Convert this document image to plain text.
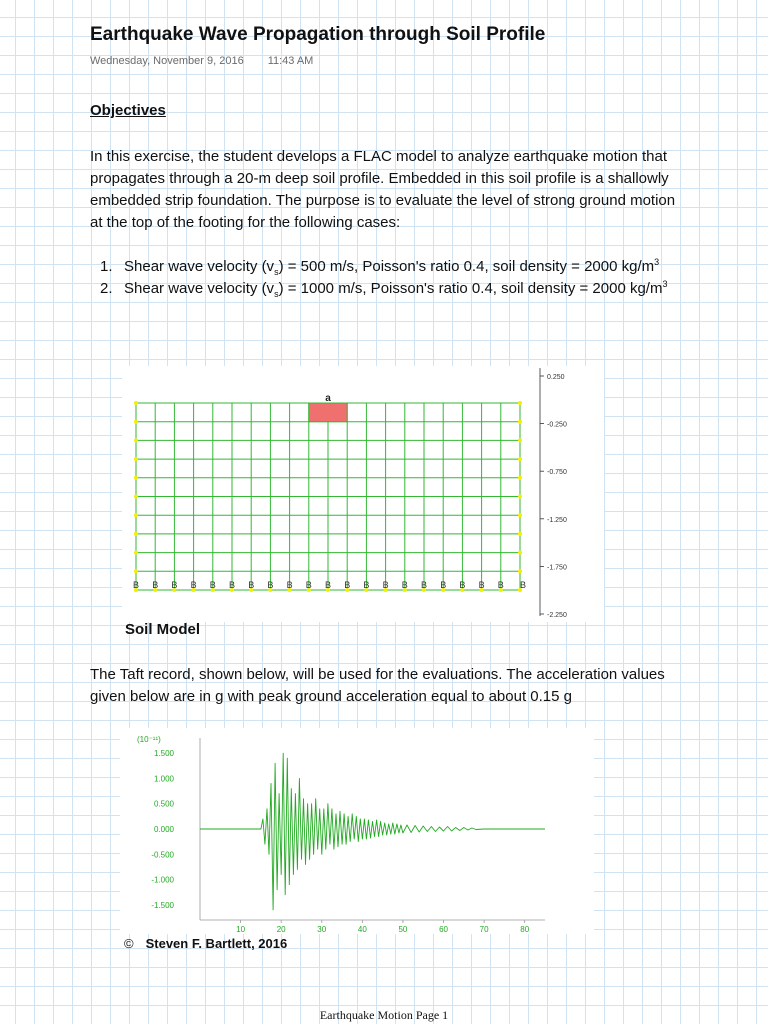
Earthquake Wave Propagation through Soil Profile
Wednesday, November 9, 2016 11:43 AM
Objectives

In this exercise, the student develops a FLAC model to analyze earthquake motion that propagates through a 20-m deep soil profile. Embedded in this soil profile is a shallowly embedded strip foundation. The purpose is to evaluate the level of strong ground motion at the top of the footing for the following cases:

1. Shear wave velocity $(v_s) = 500$ m/s, Poisson's ratio 0.4, soil density = 2000 $kg/m^3$
2. Shear wave velocity $(v_s) = 1000$ m/s, Poisson's ratio 0.4, soil density = 2000 $kg/m^3$
a
B B B B B B B B B B B B B B B B B B B B B
0.250
-0.250
-0.750
-1.250
-1.750
-2.250
Soil Model

The Taft record, shown below, will be used for the evaluations. The acceleration values given below are in g with peak ground acceleration equal to about 0.15 g

1.500
1.000
0.500
0.000
-0.500
-1.000
-1.500
(10⁻¹¹)
10	20	30	40	50	60	70	80
© Steven F. Bartlett, 2016
Earthquake Motion Page 1
